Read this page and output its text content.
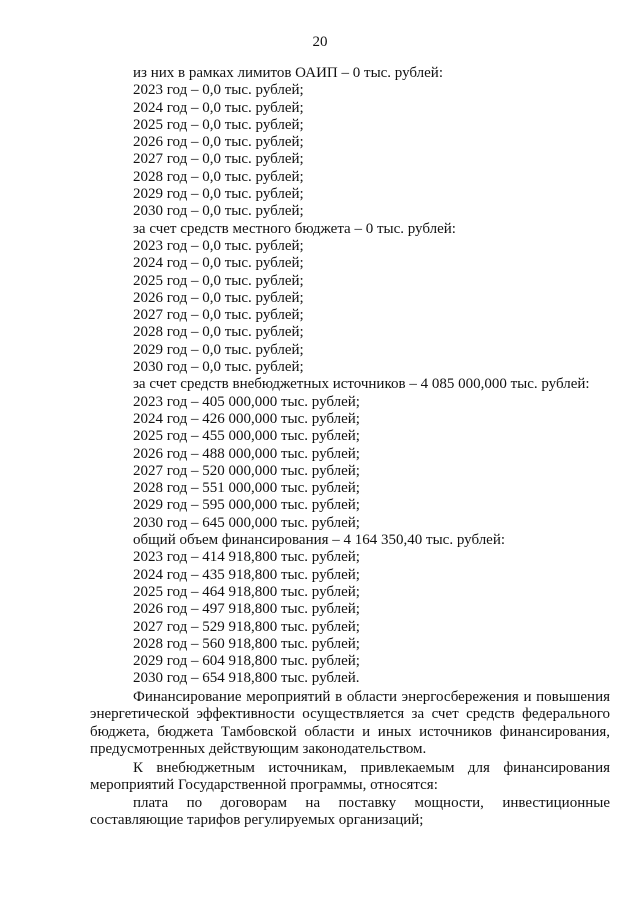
20
из них в рамках лимитов ОАИП – 0 тыс. рублей:
2023 год – 0,0 тыс. рублей;
2024 год – 0,0 тыс. рублей;
2025 год – 0,0 тыс. рублей;
2026 год – 0,0 тыс. рублей;
2027 год – 0,0 тыс. рублей;
2028 год – 0,0 тыс. рублей;
2029 год – 0,0 тыс. рублей;
2030 год – 0,0 тыс. рублей;
за счет средств местного бюджета – 0 тыс. рублей:
2023 год – 0,0 тыс. рублей;
2024 год – 0,0 тыс. рублей;
2025 год – 0,0 тыс. рублей;
2026 год – 0,0 тыс. рублей;
2027 год – 0,0 тыс. рублей;
2028 год – 0,0 тыс. рублей;
2029 год – 0,0 тыс. рублей;
2030 год – 0,0 тыс. рублей;
за счет средств внебюджетных источников – 4 085 000,000 тыс. рублей:
2023 год – 405 000,000 тыс. рублей;
2024 год – 426 000,000 тыс. рублей;
2025 год – 455 000,000 тыс. рублей;
2026 год – 488 000,000 тыс. рублей;
2027 год – 520 000,000 тыс. рублей;
2028 год – 551 000,000 тыс. рублей;
2029 год – 595 000,000 тыс. рублей;
2030 год – 645 000,000 тыс. рублей;
общий объем финансирования – 4 164 350,40 тыс. рублей:
2023 год – 414 918,800 тыс. рублей;
2024 год – 435 918,800 тыс. рублей;
2025 год – 464 918,800 тыс. рублей;
2026 год – 497 918,800 тыс. рублей;
2027 год – 529 918,800 тыс. рублей;
2028 год – 560 918,800 тыс. рублей;
2029 год – 604 918,800 тыс. рублей;
2030 год – 654 918,800 тыс. рублей.
Финансирование мероприятий в области энергосбережения и повышения энергетической эффективности осуществляется за счет средств федерального бюджета, бюджета Тамбовской области и иных источников финансирования, предусмотренных действующим законодательством.
К внебюджетным источникам, привлекаемым для финансирования мероприятий Государственной программы, относятся:
плата по договорам на поставку мощности, инвестиционные составляющие тарифов регулируемых организаций;
